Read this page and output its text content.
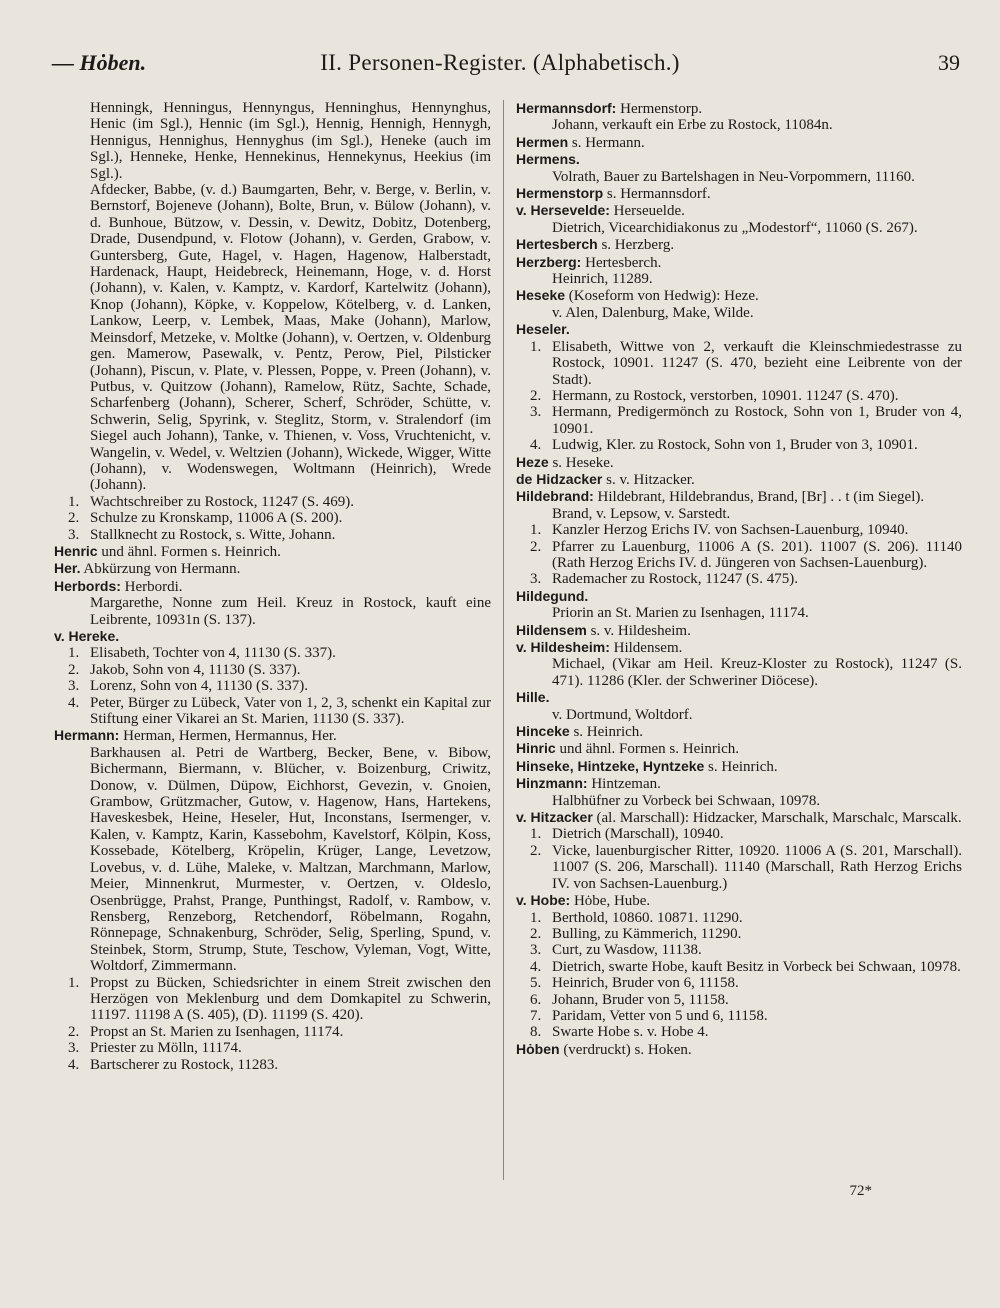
— Hȯben.	II. Personen-Register. (Alphabetisch.)	39
Henningk, Henningus, Hennyngus, Henninghus, Hennynghus, Henic (im Sgl.), Hennic (im Sgl.), Hennig, Hennigh, Hennygh, Hennigus, Hennighus, Hennyghus (im Sgl.), Heneke (auch im Sgl.), Henneke, Henke, Hennekinus, Hennekynus, Heekius (im Sgl.).
Afdecker, Babbe, (v. d.) Baumgarten, Behr, v. Berge, v. Berlin, v. Bernstorf, Bojeneve (Johann), Bolte, Brun, v. Bülow (Johann), v. d. Bunhoue, Bützow, v. Dessin, v. Dewitz, Dobitz, Dotenberg, Drade, Dusendpund, v. Flotow (Johann), v. Gerden, Grabow, v. Guntersberg, Gute, Hagel, v. Hagen, Hagenow, Halberstadt, Hardenack, Haupt, Heidebreck, Heinemann, Hoge, v. d. Horst (Johann), v. Kalen, v. Kamptz, v. Kardorf, Kartelwitz (Johann), Knop (Johann), Köpke, v. Koppelow, Kötelberg, v. d. Lanken, Lankow, Leerp, v. Lembek, Maas, Make (Johann), Marlow, Meinsdorf, Metzeke, v. Moltke (Johann), v. Oertzen, v. Oldenburg gen. Mamerow, Pasewalk, v. Pentz, Perow, Piel, Pilsticker (Johann), Piscun, v. Plate, v. Plessen, Poppe, v. Preen (Johann), v. Putbus, v. Quitzow (Johann), Ramelow, Rütz, Sachte, Schade, Scharfenberg (Johann), Scherer, Scherf, Schröder, Schütte, v. Schwerin, Selig, Spyrink, v. Steglitz, Storm, v. Stralendorf (im Siegel auch Johann), Tanke, v. Thienen, v. Voss, Vruchtenicht, v. Wangelin, v. Wedel, v. Weltzien (Johann), Wickede, Wigger, Witte (Johann), v. Wodenswegen, Woltmann (Heinrich), Wrede (Johann).
1. Wachtschreiber zu Rostock, 11247 (S. 469).
2. Schulze zu Kronskamp, 11006 A (S. 200).
3. Stallknecht zu Rostock, s. Witte, Johann.
Henric und ähnl. Formen s. Heinrich.
Her. Abkürzung von Hermann.
Herbords: Herbordi.
Margarethe, Nonne zum Heil. Kreuz in Rostock, kauft eine Leibrente, 10931n (S. 137).
v. Hereke.
1. Elisabeth, Tochter von 4, 11130 (S. 337).
2. Jakob, Sohn von 4, 11130 (S. 337).
3. Lorenz, Sohn von 4, 11130 (S. 337).
4. Peter, Bürger zu Lübeck, Vater von 1, 2, 3, schenkt ein Kapital zur Stiftung einer Vikarei an St. Marien, 11130 (S. 337).
Hermann: Herman, Hermen, Hermannus, Her.
Barkhausen al. Petri de Wartberg, Becker, Bene, v. Bibow, Bichermann, Biermann, v. Blücher, v. Boizenburg, Criwitz, Donow, v. Dülmen, Düpow, Eichhorst, Gevezin, v. Gnoien, Grambow, Grützmacher, Gutow, v. Hagenow, Hans, Hartekens, Haveskesbek, Heine, Heseler, Hut, Inconstans, Isermenger, v. Kalen, v. Kamptz, Karin, Kassebohm, Kavelstorf, Kölpin, Koss, Kossebade, Kötelberg, Kröpelin, Krüger, Lange, Levetzow, Lovebus, v. d. Lühe, Maleke, v. Maltzan, Marchmann, Marlow, Meier, Minnenkrut, Murmester, v. Oertzen, v. Oldeslo, Osenbrügge, Prahst, Prange, Punthingst, Radolf, v. Rambow, v. Rensberg, Renzeborg, Retchendorf, Röbelmann, Rogahn, Rönnepage, Schnakenburg, Schröder, Selig, Sperling, Spund, v. Steinbek, Storm, Strump, Stute, Teschow, Vyleman, Vogt, Witte, Woltdorf, Zimmermann.
1. Propst zu Bücken, Schiedsrichter in einem Streit zwischen den Herzögen von Meklenburg und dem Domkapitel zu Schwerin, 11197. 11198 A (S. 405), (D). 11199 (S. 420).
2. Propst an St. Marien zu Isenhagen, 11174.
3. Priester zu Mölln, 11174.
4. Bartscherer zu Rostock, 11283.
Hermannsdorf: Hermenstorp.
Johann, verkauft ein Erbe zu Rostock, 11084n.
Hermen s. Hermann.
Hermens.
Volrath, Bauer zu Bartelshagen in Neu-Vorpommern, 11160.
Hermenstorp s. Hermannsdorf.
v. Hersevelde: Herseuelde.
Dietrich, Vicearchidiakonus zu „Modestorf“, 11060 (S. 267).
Hertesberch s. Herzberg.
Herzberg: Hertesberch.
Heinrich, 11289.
Heseke (Koseform von Hedwig): Heze.
v. Alen, Dalenburg, Make, Wilde.
Heseler.
1. Elisabeth, Wittwe von 2, verkauft die Kleinschmiedestrasse zu Rostock, 10901. 11247 (S. 470, bezieht eine Leibrente von der Stadt).
2. Hermann, zu Rostock, verstorben, 10901. 11247 (S. 470).
3. Hermann, Predigermönch zu Rostock, Sohn von 1, Bruder von 4, 10901.
4. Ludwig, Kler. zu Rostock, Sohn von 1, Bruder von 3, 10901.
Heze s. Heseke.
de Hidzacker s. v. Hitzacker.
Hildebrand: Hildebrant, Hildebrandus, Brand, [Br] . . t (im Siegel).
Brand, v. Lepsow, v. Sarstedt.
1. Kanzler Herzog Erichs IV. von Sachsen-Lauenburg, 10940.
2. Pfarrer zu Lauenburg, 11006 A (S. 201). 11007 (S. 206). 11140 (Rath Herzog Erichs IV. d. Jüngeren von Sachsen-Lauenburg).
3. Rademacher zu Rostock, 11247 (S. 475).
Hildegund.
Priorin an St. Marien zu Isenhagen, 11174.
Hildensem s. v. Hildesheim.
v. Hildesheim: Hildensem.
Michael, (Vikar am Heil. Kreuz-Kloster zu Rostock), 11247 (S. 471). 11286 (Kler. der Schweriner Diöcese).
Hille.
v. Dortmund, Woltdorf.
Hinceke s. Heinrich.
Hinric und ähnl. Formen s. Heinrich.
Hinseke, Hintzeke, Hyntzeke s. Heinrich.
Hinzmann: Hintzeman.
Halbhüfner zu Vorbeck bei Schwaan, 10978.
v. Hitzacker (al. Marschall): Hidzacker, Marschalk, Marschalc, Marscalk.
1. Dietrich (Marschall), 10940.
2. Vicke, lauenburgischer Ritter, 10920. 11006 A (S. 201, Marschall). 11007 (S. 206, Marschall). 11140 (Marschall, Rath Herzog Erichs IV. von Sachsen-Lauenburg.)
v. Hobe: Hȯbe, Hube.
1. Berthold, 10860. 10871. 11290.
2. Bulling, zu Kämmerich, 11290.
3. Curt, zu Wasdow, 11138.
4. Dietrich, swarte Hobe, kauft Besitz in Vorbeck bei Schwaan, 10978.
5. Heinrich, Bruder von 6, 11158.
6. Johann, Bruder von 5, 11158.
7. Paridam, Vetter von 5 und 6, 11158.
8. Swarte Hobe s. v. Hobe 4.
Hȯben (verdruckt) s. Hoken.
72*
